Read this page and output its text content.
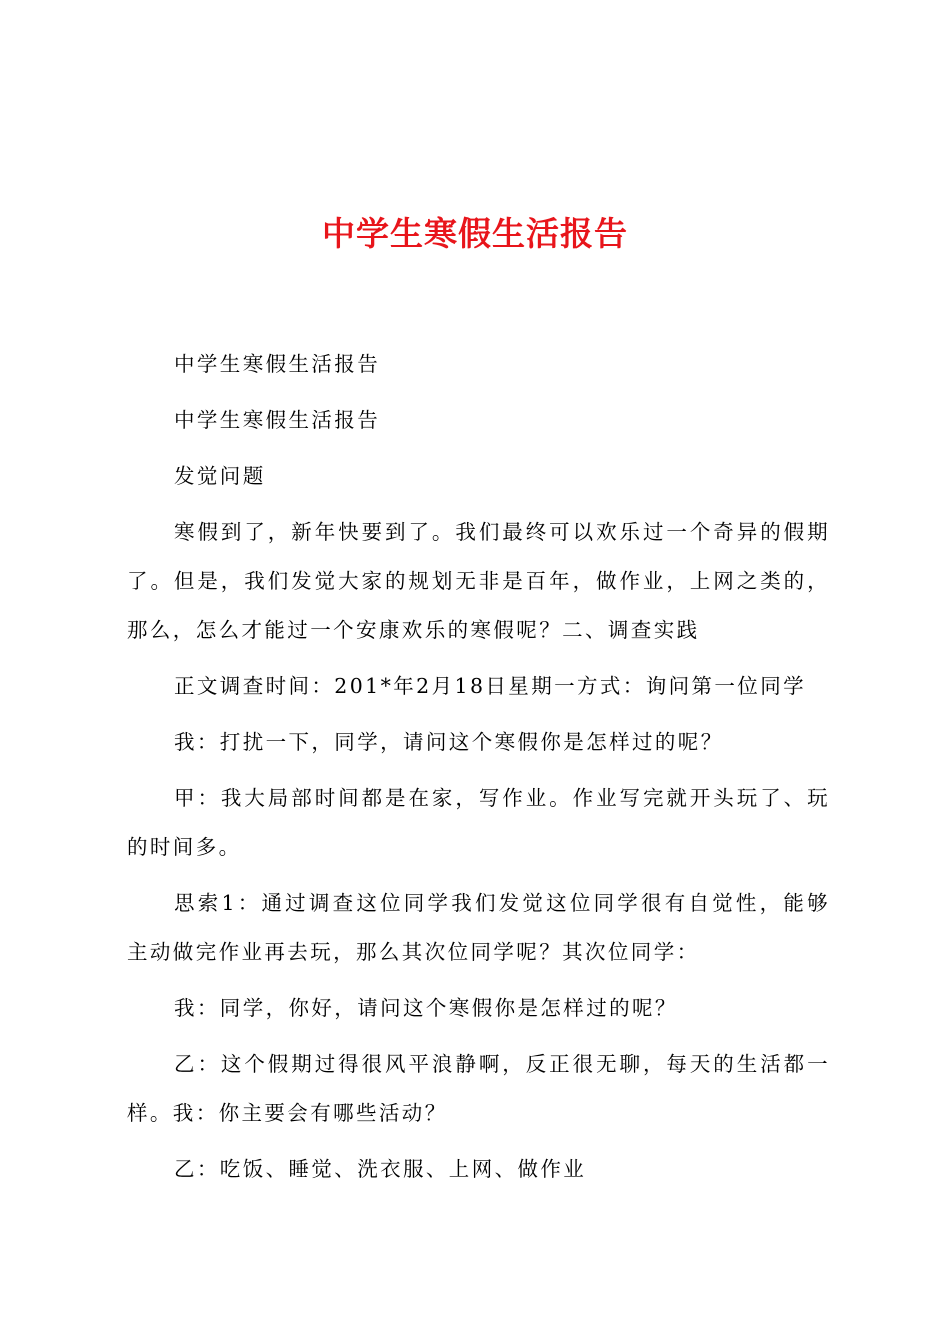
中学生寒假生活报告

中学生寒假生活报告

中学生寒假生活报告

发觉问题

寒假到了，新年快要到了。我们最终可以欢乐过一个奇异的假期了。但是，我们发觉大家的规划无非是百年，做作业，上网之类的，那么，怎么才能过一个安康欢乐的寒假呢？二、调查实践

正文调查时间：201*年2月18日星期一方式：询问第一位同学

我：打扰一下，同学，请问这个寒假你是怎样过的呢？

甲：我大局部时间都是在家，写作业。作业写完就开头玩了、玩的时间多。

思索1：通过调查这位同学我们发觉这位同学很有自觉性，能够主动做完作业再去玩，那么其次位同学呢？其次位同学：

我：同学，你好，请问这个寒假你是怎样过的呢？

乙：这个假期过得很风平浪静啊，反正很无聊，每天的生活都一样。我：你主要会有哪些活动？

乙：吃饭、睡觉、洗衣服、上网、做作业
